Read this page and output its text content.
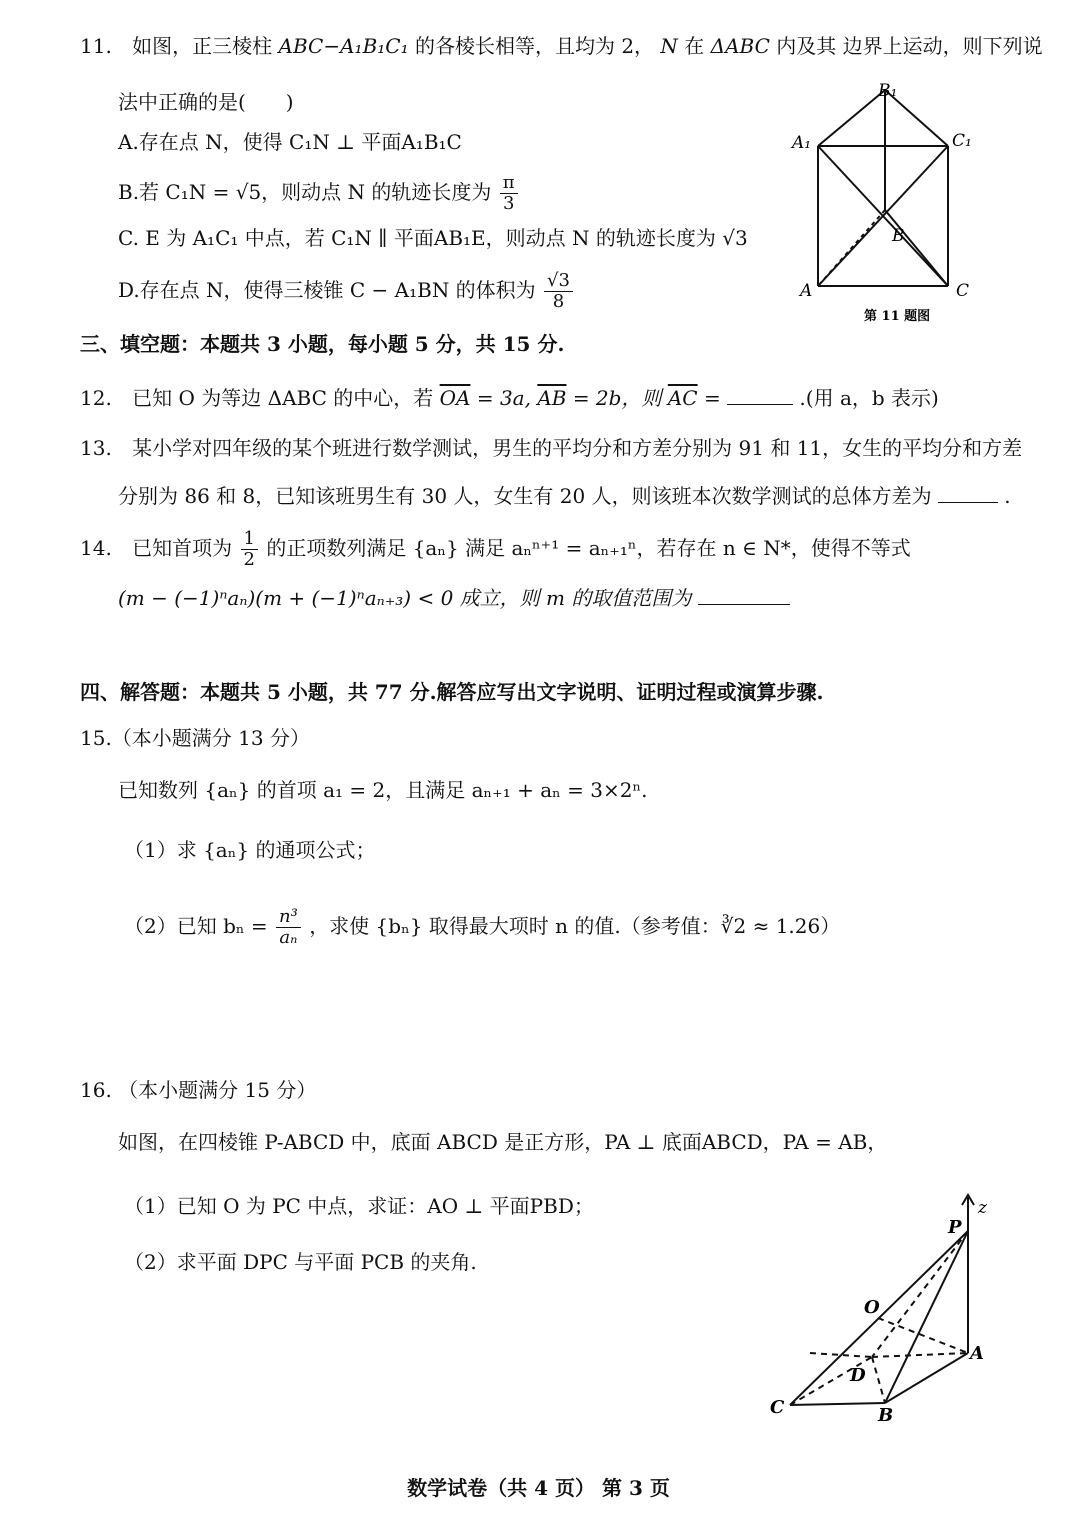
11. 如图，正三棱柱 ABC−A₁B₁C₁ 的各棱长相等，且均为 2， N 在 ΔABC 内及其 边界上运动，则下列说
法中正确的是(　　)
A.存在点 N，使得 C₁N ⊥ 平面A₁B₁C
B.若 C₁N = √5，则动点 N 的轨迹长度为 $\frac{\pi}{3}$
C. E 为 A₁C₁ 中点，若 C₁N ∥ 平面AB₁E，则动点 N 的轨迹长度为 √3
D.存在点 N，使得三棱锥 C − A₁BN 的体积为 $\frac{√3}{8}$
B₁
A₁	C₁
B
A	C
第 11 题图
三、填空题：本题共 3 小题，每小题 5 分，共 15 分.
12. 已知 O 为等边 ΔABC 的中心，若 $\overline{OA} = 3a$, $\overline{AB} = 2b$，则 $\overline{AC}$ =	.(用 a，b 表示)
13. 某小学对四年级的某个班进行数学测试，男生的平均分和方差分别为 91 和 11，女生的平均分和方差
分别为 86 和 8，已知该班男生有 30 人，女生有 20 人，则该班本次数学测试的总体方差为	.
14. 已知首项为 $\frac{1}{2}$ 的正项数列满足 {aₙ} 满足 aₙⁿ⁺¹ = aₙ₊₁ⁿ，若存在 n ∈ N*，使得不等式
(m − (−1)ⁿaₙ)(m + (−1)ⁿaₙ₊₃) < 0 成立，则 m 的取值范围为
四、解答题：本题共 5 小题，共 77 分.解答应写出文字说明、证明过程或演算步骤.
15.（本小题满分 13 分）
已知数列 {aₙ} 的首项 a₁ = 2，且满足 aₙ₊₁ + aₙ = 3×2ⁿ.
（1）求 {aₙ} 的通项公式；
（2）已知 $b_n = \frac{\text{n³}}{\text{aₙ}}$ ，求使 {bₙ} 取得最大项时 n 的值.（参考值：∛2 ≈ 1.26）
16. （本小题满分 15 分）
如图，在四棱锥 P-ABCD 中，底面 ABCD 是正方形，PA ⊥ 底面ABCD，PA = AB，
（1）已知 O 为 PC 中点，求证：AO ⊥ 平面PBD；
（2）求平面 DPC 与平面 PCB 的夹角.
z
P
O
A
D
C	B
数学试卷（共 4 页） 第 3 页
